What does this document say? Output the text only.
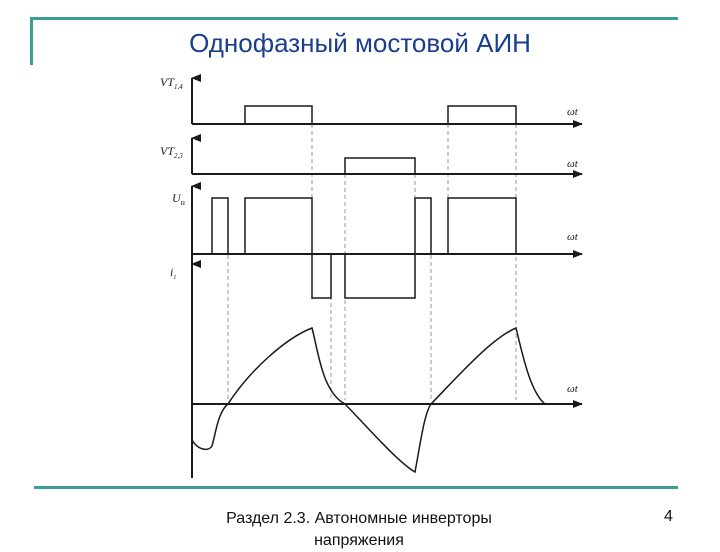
Однофазный мостовой АИН
$VT_{1,4}$
$VT_{2,3}$
$U_н$
$i_1$
ωt
ωt
ωt
ωt
Раздел 2.3. Автономные инверторы напряжения
4
